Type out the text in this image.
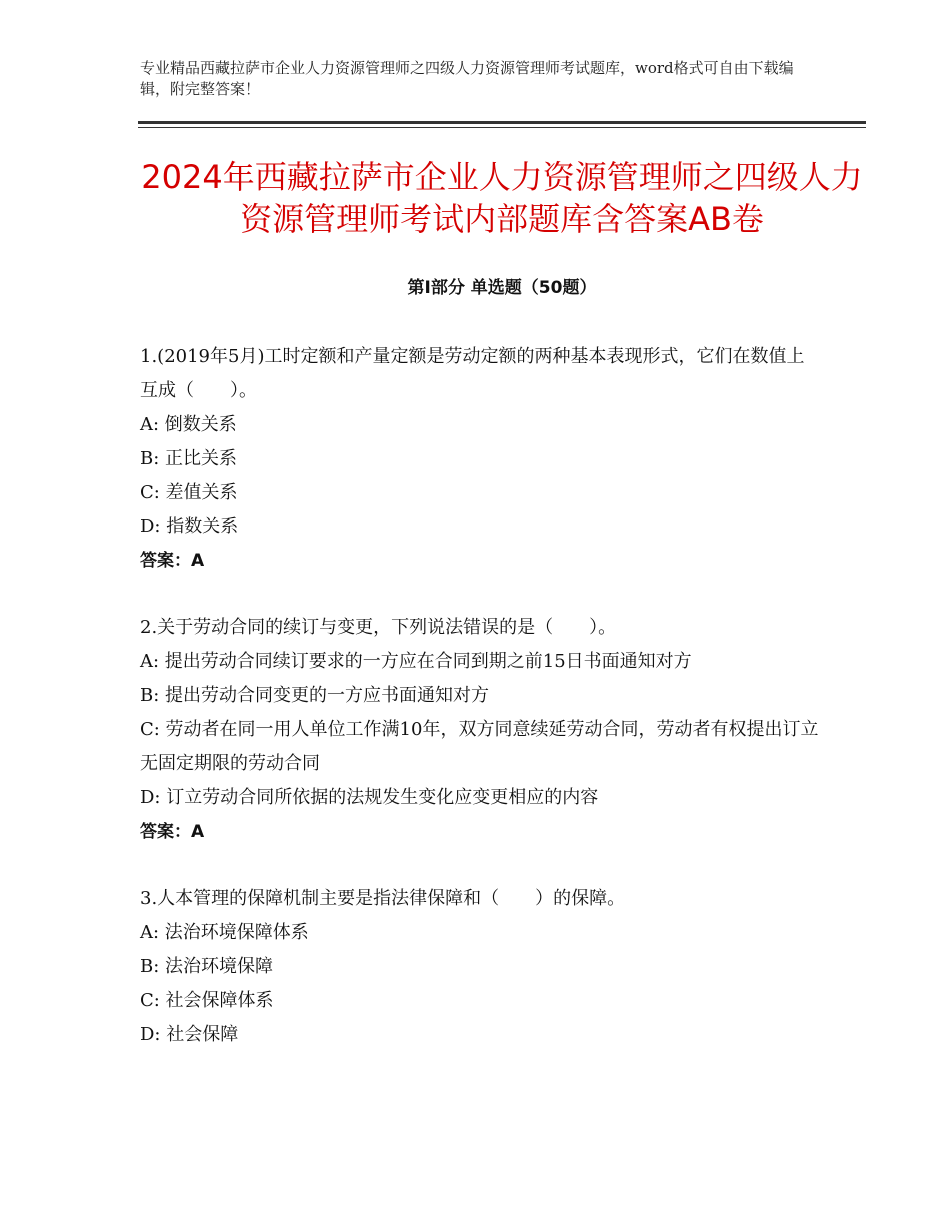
专业精品西藏拉萨市企业人力资源管理师之四级人力资源管理师考试题库，word格式可自由下载编辑，附完整答案！

2024年西藏拉萨市企业人力资源管理师之四级人力资源管理师考试内部题库含答案AB卷
第Ⅰ部分 单选题（50题）

1.(2019年5月)工时定额和产量定额是劳动定额的两种基本表现形式，它们在数值上互成（　　）。

A: 倒数关系

B: 正比关系

C: 差值关系

D: 指数关系

答案：A

2.关于劳动合同的续订与变更，下列说法错误的是（　　）。

A: 提出劳动合同续订要求的一方应在合同到期之前15日书面通知对方

B: 提出劳动合同变更的一方应书面通知对方

C: 劳动者在同一用人单位工作满10年，双方同意续延劳动合同，劳动者有权提出订立无固定期限的劳动合同

D: 订立劳动合同所依据的法规发生变化应变更相应的内容

答案：A

3.人本管理的保障机制主要是指法律保障和（　　）的保障。

A: 法治环境保障体系

B: 法治环境保障

C: 社会保障体系

D: 社会保障
